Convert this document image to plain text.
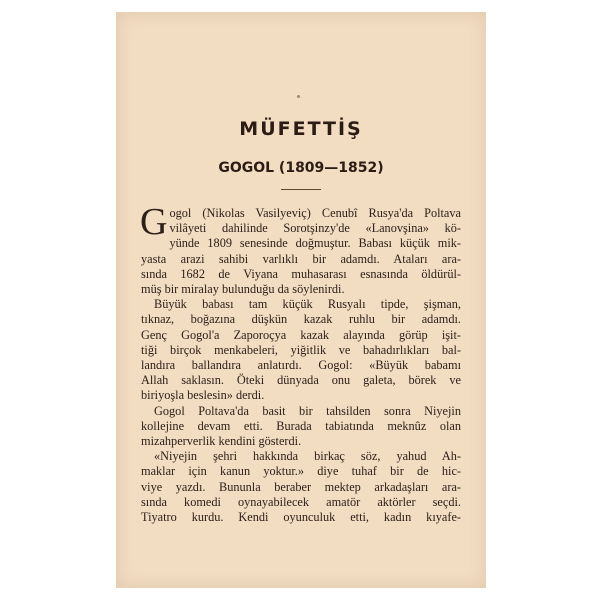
MÜFETTİŞ
GOGOL (1809—1852)

G ogol (Nikolas Vasilyeviç) Cenubî Rusya'da Poltava
vilâyeti dahilinde Sorotşinzy'de «Lanovşina» kö-
yünde 1809 senesinde doğmuştur. Babası küçük mik-
yasta arazi sahibi varlıklı bir adamdı. Ataları ara-
sında 1682 de Viyana muhasarası esnasında öldürül-
müş bir miralay bulunduğu da söylenirdi.

Büyük babası tam küçük Rusyalı tipde, şişman,
tıknaz, boğazına düşkün kazak ruhlu bir adamdı.
Genç Gogol'a Zaporoçya kazak alayında görüp işit-
tiği birçok menkabeleri, yiğitlik ve bahadırlıkları bal-
landıra ballandıra anlatırdı. Gogol: «Büyük babamı
Allah saklasın. Öteki dünyada onu galeta, börek ve
biriyoşla beslesin» derdi.

Gogol Poltava'da basit bir tahsilden sonra Niyejin
kollejine devam etti. Burada tabiatında meknûz olan
mizahperverlik kendini gösterdi.

«Niyejin şehri hakkında birkaç söz, yahud Ah-
maklar için kanun yoktur.» diye tuhaf bir de hic-
viye yazdı. Bununla beraber mektep arkadaşları ara-
sında komedi oynayabilecek amatör aktörler seçdi.
Tiyatro kurdu. Kendi oyunculuk etti, kadın kıyafe-
